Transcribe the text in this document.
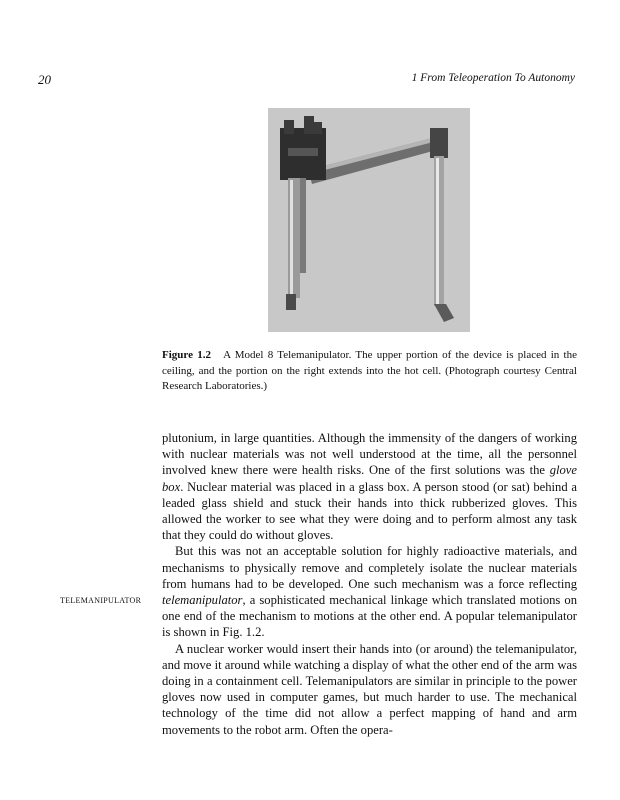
20	1 From Teleoperation To Autonomy
Figure 1.2 A Model 8 Telemanipulator. The upper portion of the device is placed in the ceiling, and the portion on the right extends into the hot cell. (Photograph courtesy Central Research Laboratories.)
TELEMANIPULATOR

plutonium, in large quantities. Although the immensity of the dangers of working with nuclear materials was not well understood at the time, all the personnel involved knew there were health risks. One of the first solutions was the glove box. Nuclear material was placed in a glass box. A person stood (or sat) behind a leaded glass shield and stuck their hands into thick rubberized gloves. This allowed the worker to see what they were doing and to perform almost any task that they could do without gloves.

But this was not an acceptable solution for highly radioactive materials, and mechanisms to physically remove and completely isolate the nuclear materials from humans had to be developed. One such mechanism was a force reflecting telemanipulator, a sophisticated mechanical linkage which translated motions on one end of the mechanism to motions at the other end. A popular telemanipulator is shown in Fig. 1.2.

A nuclear worker would insert their hands into (or around) the telemanipulator, and move it around while watching a display of what the other end of the arm was doing in a containment cell. Telemanipulators are similar in principle to the power gloves now used in computer games, but much harder to use. The mechanical technology of the time did not allow a perfect mapping of hand and arm movements to the robot arm. Often the opera-
